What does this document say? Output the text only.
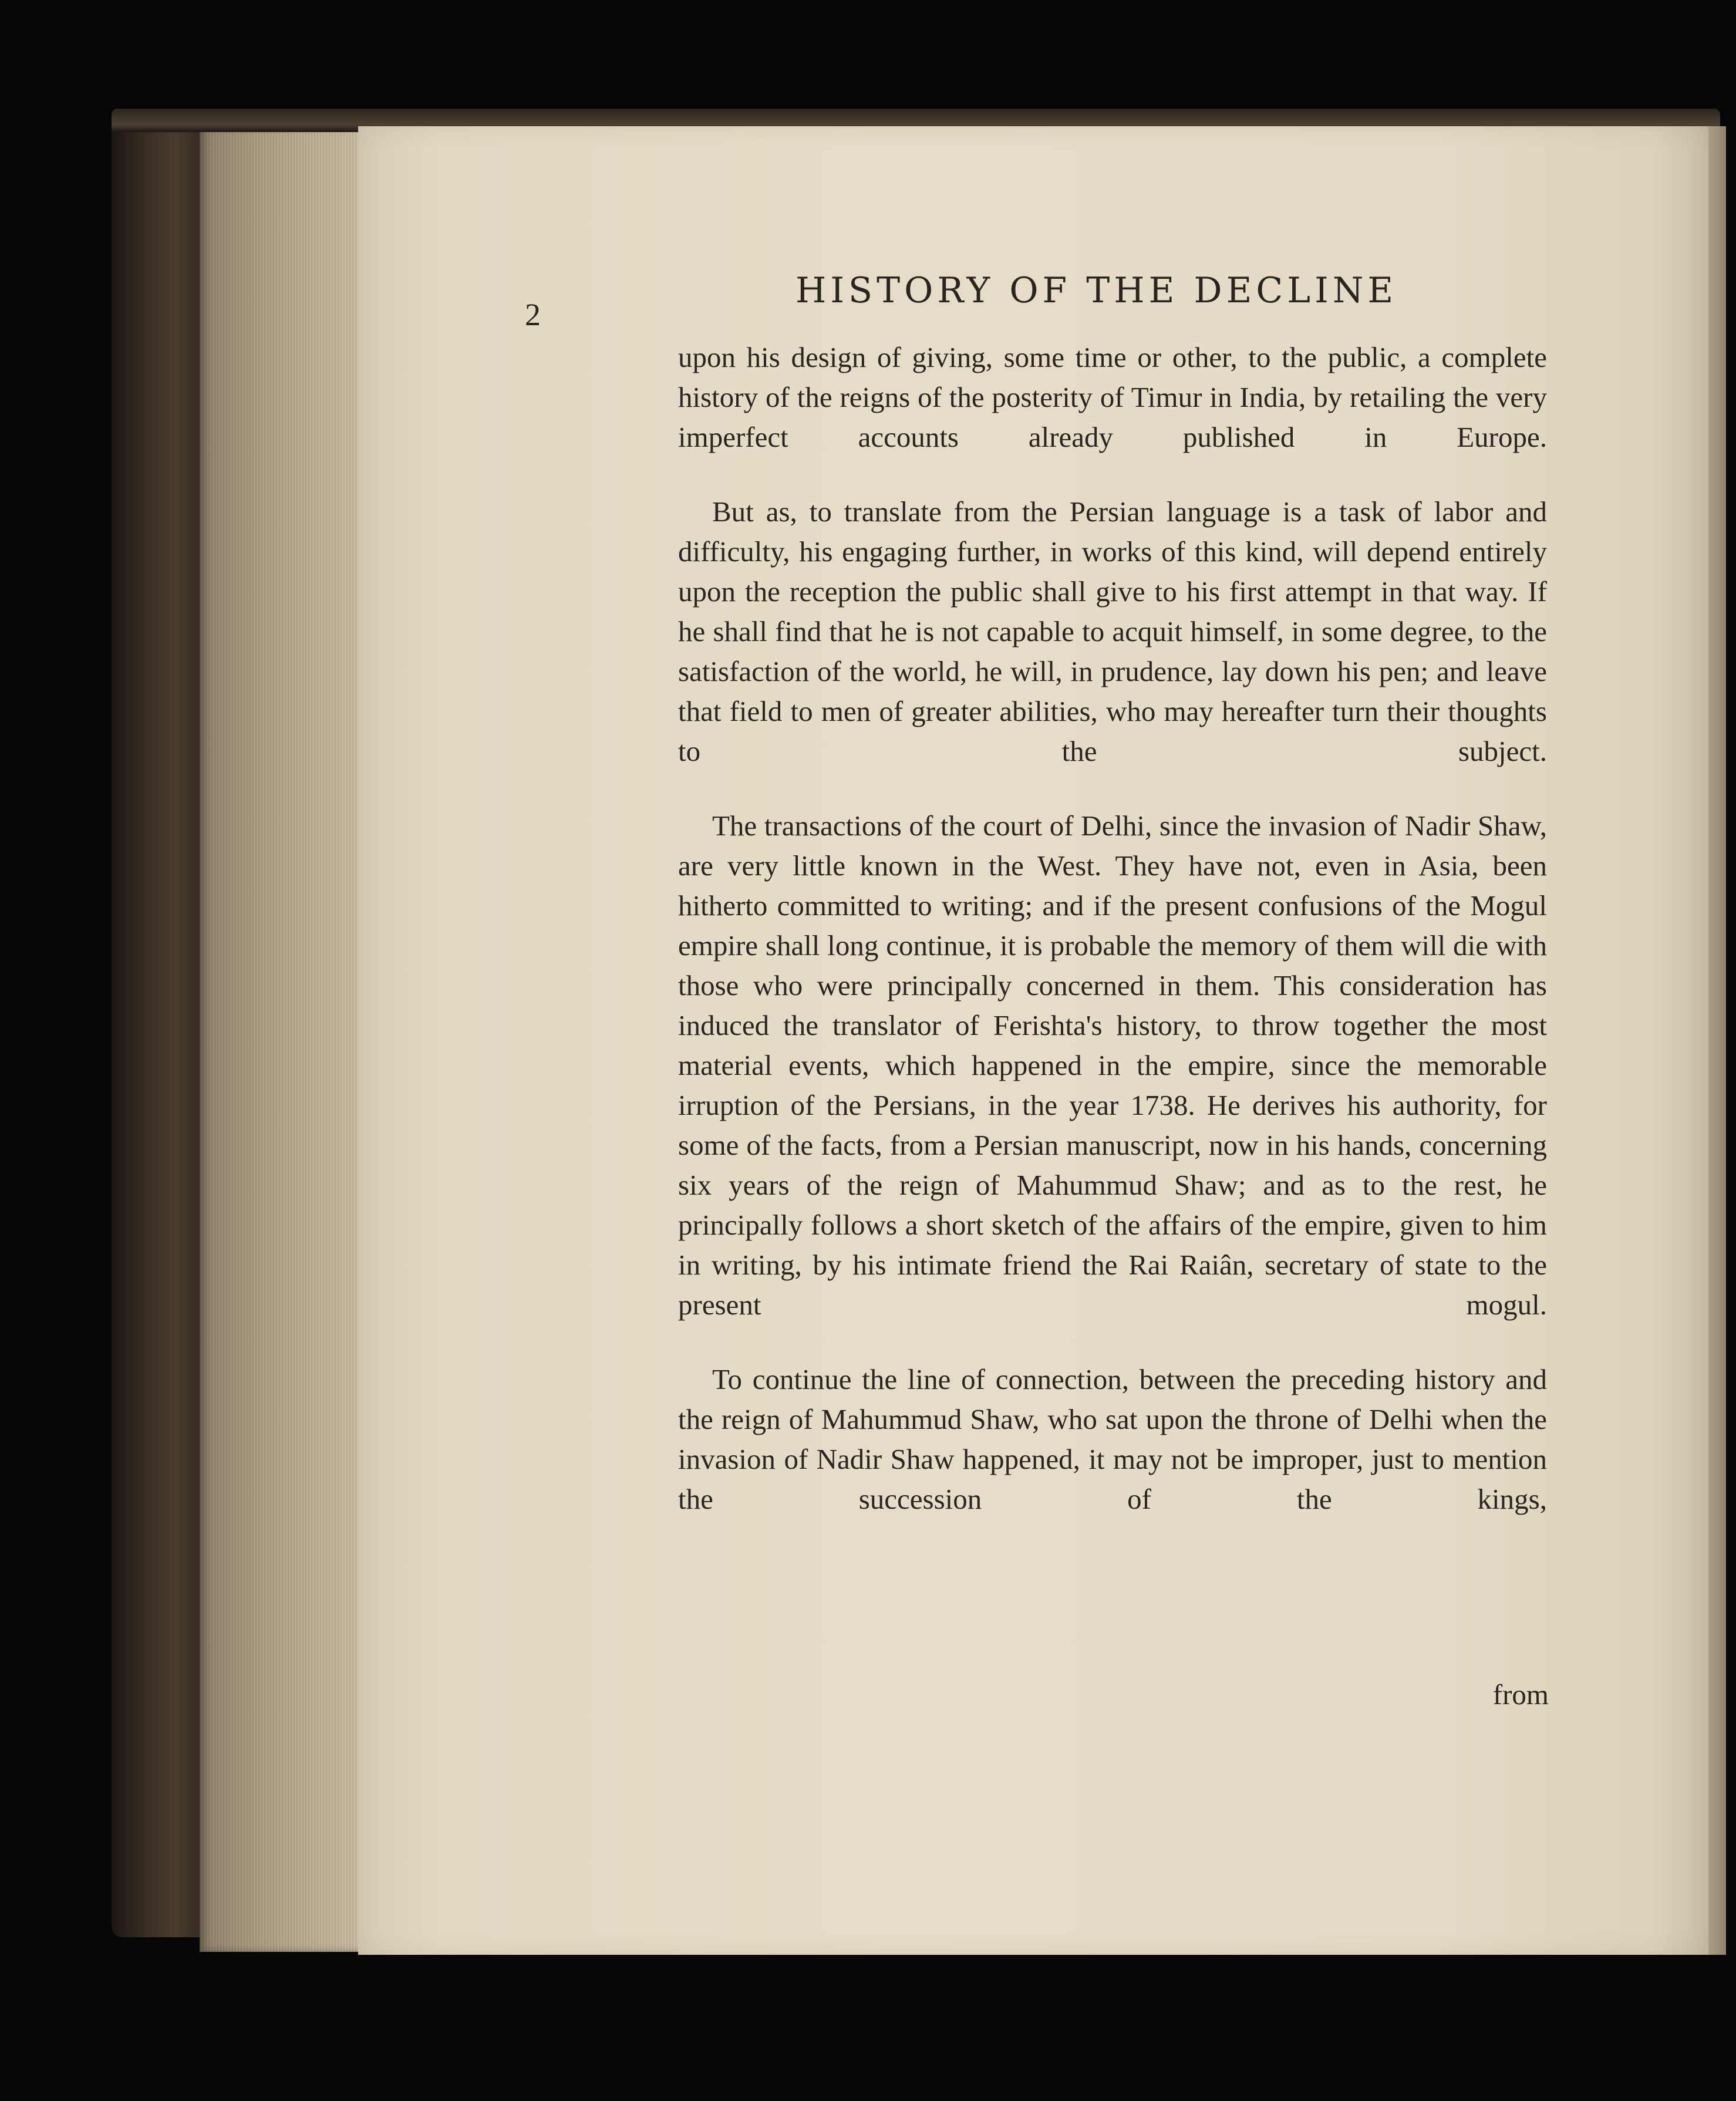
2
HISTORY OF THE DECLINE

upon his design of giving, some time or other, to the public, a complete history of the reigns of the posterity of Timur in India, by retailing the very imperfect accounts already published in Europe.

But as, to translate from the Persian language is a task of labor and difficulty, his engaging further, in works of this kind, will depend entirely upon the reception the public shall give to his first attempt in that way. If he shall find that he is not capable to acquit himself, in some degree, to the satisfaction of the world, he will, in prudence, lay down his pen; and leave that field to men of greater abilities, who may hereafter turn their thoughts to the subject.

The transactions of the court of Delhi, since the invasion of Nadir Shaw, are very little known in the West. They have not, even in Asia, been hitherto committed to writing; and if the present confusions of the Mogul empire shall long continue, it is probable the memory of them will die with those who were principally concerned in them. This consideration has induced the translator of Ferishta's history, to throw together the most material events, which happened in the empire, since the memorable irruption of the Persians, in the year 1738. He derives his authority, for some of the facts, from a Persian manuscript, now in his hands, concerning six years of the reign of Mahummud Shaw; and as to the rest, he principally follows a short sketch of the affairs of the empire, given to him in writing, by his intimate friend the Rai Raiân, secretary of state to the present mogul.

To continue the line of connection, between the preceding history and the reign of Mahummud Shaw, who sat upon the throne of Delhi when the invasion of Nadir Shaw happened, it may not be improper, just to mention the succession of the kings,

from
